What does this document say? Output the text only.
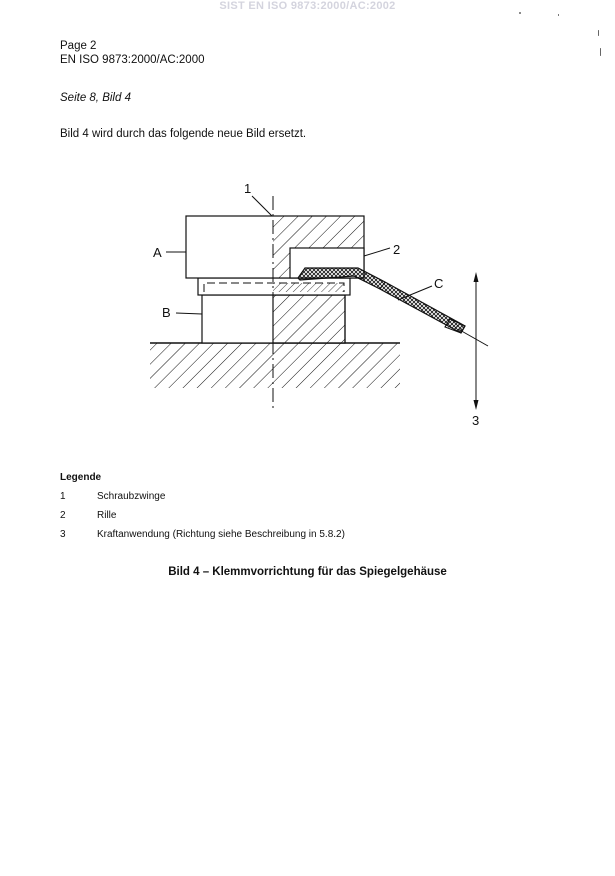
SIST EN ISO 9873:2000/AC:2002
Page 2
EN ISO 9873:2000/AC:2000
Seite 8, Bild 4
Bild 4 wird durch das folgende neue Bild ersetzt.
1
A
B
2
C
3
Legende
1	Schraubzwinge
2	Rille
3	Kraftanwendung (Richtung siehe Beschreibung in 5.8.2)
Bild 4 – Klemmvorrichtung für das Spiegelgehäuse
